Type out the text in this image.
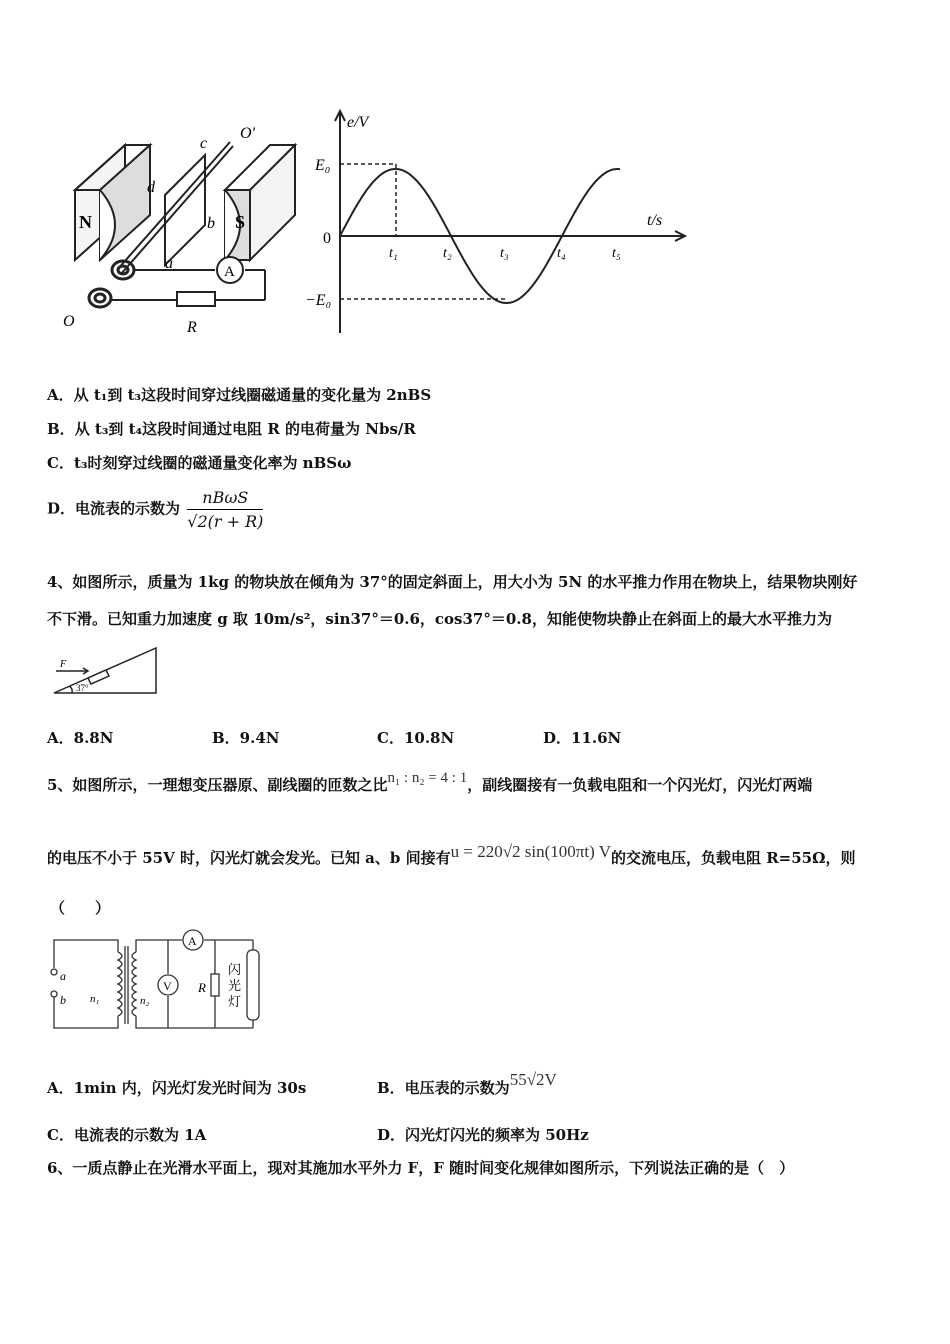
N	S
c
d
b
a
O'
O
A
R
e/V
t/s
0
E₀
−E₀
t₁	t₂	t₃	t₄	t₅
A．从 t₁到 t₃这段时间穿过线圈磁通量的变化量为 2nBS
B．从 t₃到 t₄这段时间通过电阻 R 的电荷量为 Nbs/R
C．t₃时刻穿过线圈的磁通量变化率为 nBSω
D．电流表的示数为 $\frac{\text{nBωS}}{√2(r + R)}$
4、如图所示，质量为 1kg 的物块放在倾角为 37°的固定斜面上，用大小为 5N 的水平推力作用在物块上，结果物块刚好
不下滑。已知重力加速度 g 取 10m/s²，sin37°＝0.6，cos37°＝0.8，知能使物块静止在斜面上的最大水平推力为
F
37°
A．8.8N	B．9.4N	C．10.8N	D．11.6N
5、如图所示，一理想变压器原、副线圈的匝数之比n₁ : n₂ = 4 : 1，副线圈接有一负载电阻和一个闪光灯，闪光灯两端
的电压不小于 55V 时，闪光灯就会发光。已知 a、b 间接有u = 220√2 sin(100πt) V的交流电压，负载电阻 R=55Ω，则
（　　）
A
V
a
b n₁	n₂
R
闪
光
灯
A．1min 内，闪光灯发光时间为 30s	B．电压表的示数为55√2V
C．电流表的示数为 1A	D．闪光灯闪光的频率为 50Hz
6、一质点静止在光滑水平面上，现对其施加水平外力 F，F 随时间变化规律如图所示，下列说法正确的是（　）
